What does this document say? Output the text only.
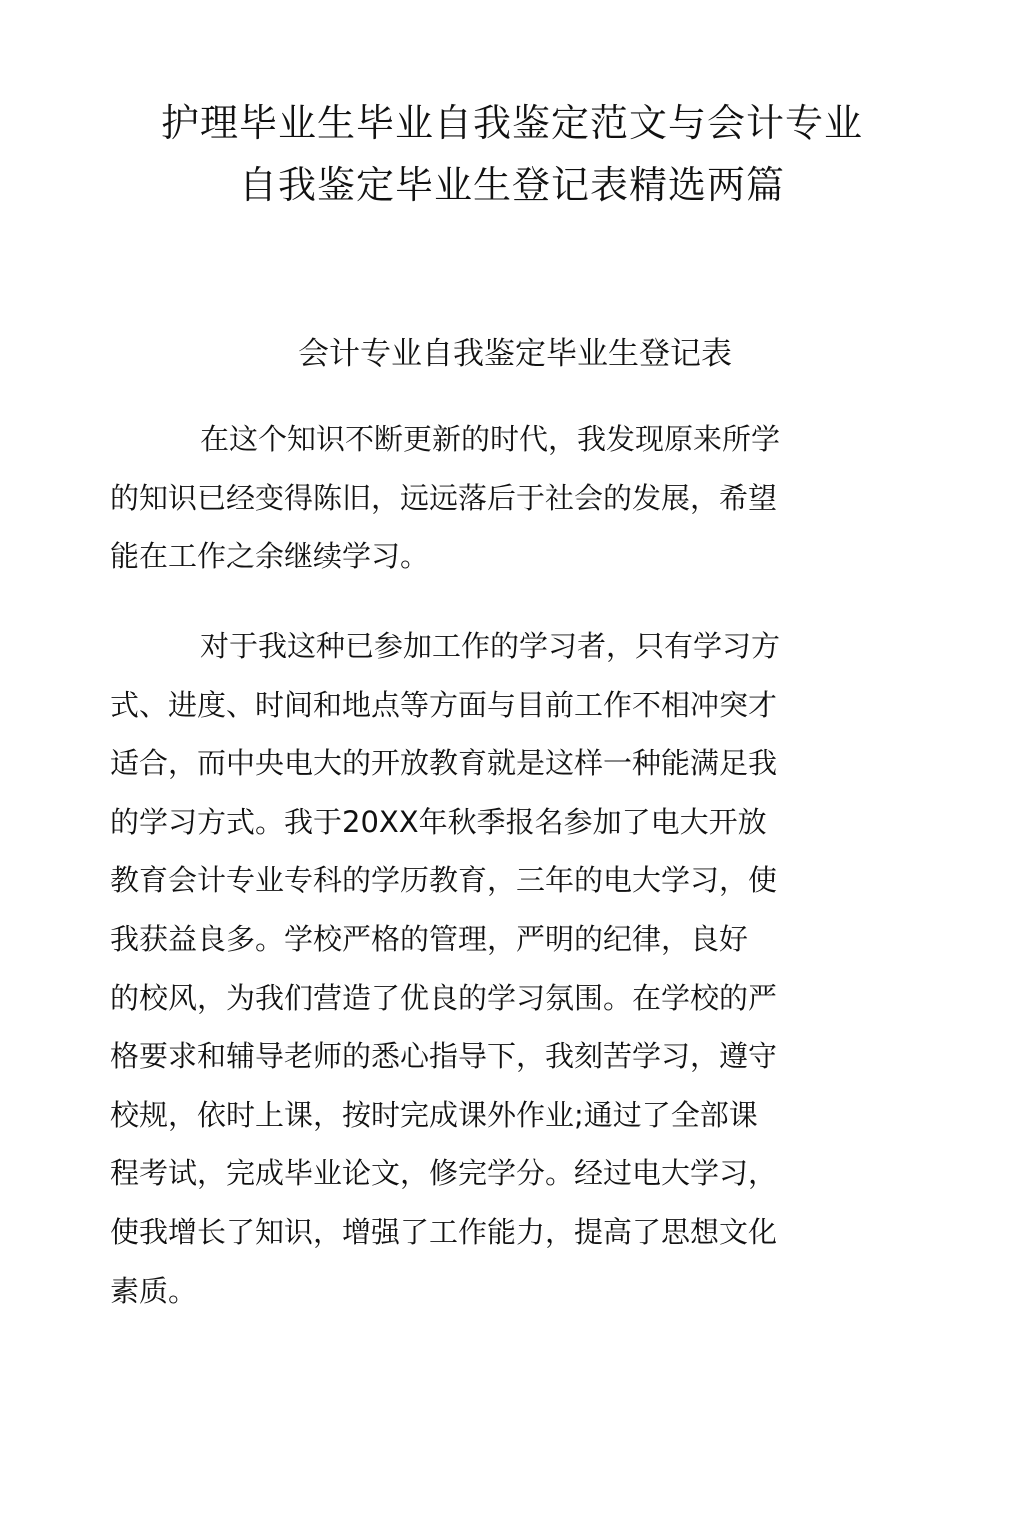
护理毕业生毕业自我鉴定范文与会计专业
自我鉴定毕业生登记表精选两篇
会计专业自我鉴定毕业生登记表

在这个知识不断更新的时代，我发现原来所学
的知识已经变得陈旧，远远落后于社会的发展，希望
能在工作之余继续学习。

对于我这种已参加工作的学习者，只有学习方
式、进度、时间和地点等方面与目前工作不相冲突才
适合，而中央电大的开放教育就是这样一种能满足我
的学习方式。我于20XX年秋季报名参加了电大开放
教育会计专业专科的学历教育，三年的电大学习，使
我获益良多。学校严格的管理，严明的纪律，良好
的校风，为我们营造了优良的学习氛围。在学校的严
格要求和辅导老师的悉心指导下，我刻苦学习，遵守
校规，依时上课，按时完成课外作业;通过了全部课
程考试，完成毕业论文，修完学分。经过电大学习，
使我增长了知识，增强了工作能力，提高了思想文化
素质。
